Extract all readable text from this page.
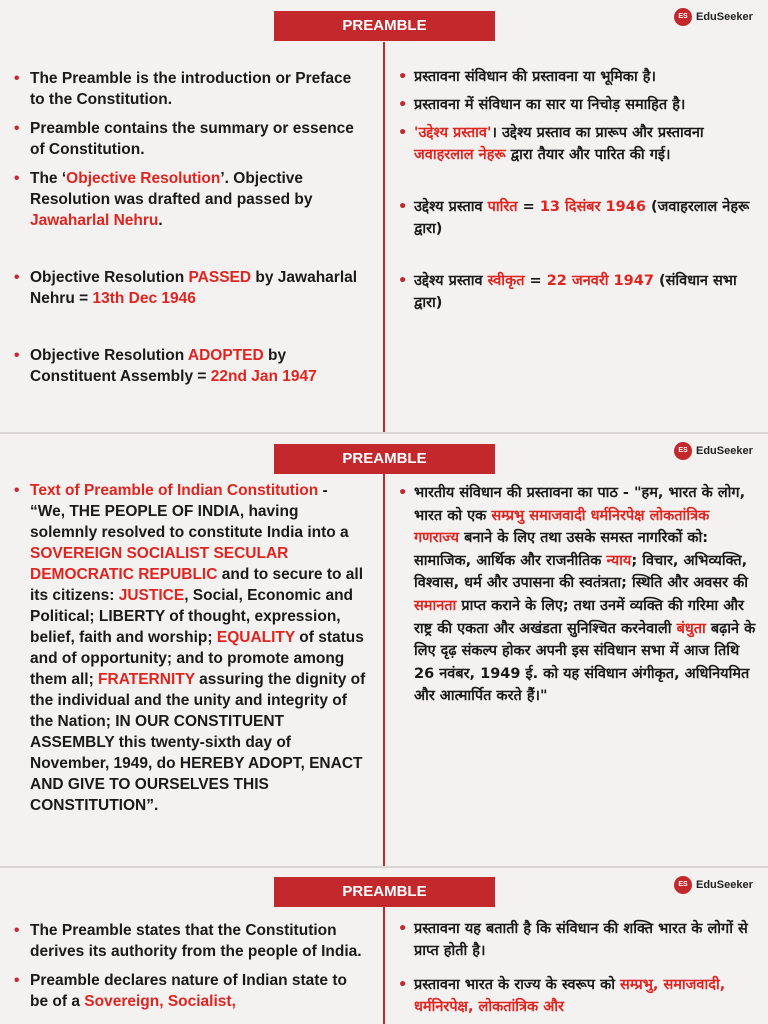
PREAMBLE
ES EduSeeker

• The Preamble is the introduction or Preface to the Constitution.

• Preamble contains the summary or essence of Constitution.

• The ‘Objective Resolution’. Objective Resolution was drafted and passed by Jawaharlal Nehru.

• Objective Resolution PASSED by Jawaharlal Nehru = 13th Dec 1946

• Objective Resolution ADOPTED by Constituent Assembly = 22nd Jan 1947

• प्रस्तावना संविधान की प्रस्तावना या भूमिका है।

• प्रस्तावना में संविधान का सार या निचोड़ समाहित है।

• 'उद्देश्य प्रस्ताव'। उद्देश्य प्रस्ताव का प्रारूप और प्रस्तावना जवाहरलाल नेहरू द्वारा तैयार और पारित की गई।

• उद्देश्य प्रस्ताव पारित = 13 दिसंबर 1946 (जवाहरलाल नेहरू द्वारा)

• उद्देश्य प्रस्ताव स्वीकृत = 22 जनवरी 1947 (संविधान सभा द्वारा)

PREAMBLE	ES EduSeeker

• Text of Preamble of Indian Constitution - “We, THE PEOPLE OF INDIA, having solemnly resolved to constitute India into a SOVEREIGN SOCIALIST SECULAR DEMOCRATIC REPUBLIC and to secure to all its citizens: JUSTICE, Social, Economic and Political; LIBERTY of thought, expression, belief, faith and worship; EQUALITY of status and of opportunity; and to promote among them all; FRATERNITY assuring the dignity of the individual and the unity and integrity of the Nation; IN OUR CONSTITUENT ASSEMBLY this twenty-sixth day of November, 1949, do HEREBY ADOPT, ENACT AND GIVE TO OURSELVES THIS CONSTITUTION”.

• भारतीय संविधान की प्रस्तावना का पाठ - "हम, भारत के लोग, भारत को एक सम्प्रभु समाजवादी धर्मनिरपेक्ष लोकतांत्रिक गणराज्य बनाने के लिए तथा उसके समस्त नागरिकों को: सामाजिक, आर्थिक और राजनीतिक न्याय; विचार, अभिव्यक्ति, विश्वास, धर्म और उपासना की स्वतंत्रता; स्थिति और अवसर की समानता प्राप्त कराने के लिए; तथा उनमें व्यक्ति की गरिमा और राष्ट्र की एकता और अखंडता सुनिश्चित करनेवाली बंधुता बढ़ाने के लिए दृढ़ संकल्प होकर अपनी इस संविधान सभा में आज तिथि 26 नवंबर, 1949 ई. को यह संविधान अंगीकृत, अधिनियमित और आत्मार्पित करते हैं।"

PREAMBLE	ES EduSeeker

• The Preamble states that the Constitution derives its authority from the people of India.

• Preamble declares nature of Indian state to be of a Sovereign, Socialist,

• प्रस्तावना यह बताती है कि संविधान की शक्ति भारत के लोगों से प्राप्त होती है।

• प्रस्तावना भारत के राज्य के स्वरूप को सम्प्रभु, समाजवादी, धर्मनिरपेक्ष, लोकतांत्रिक और
